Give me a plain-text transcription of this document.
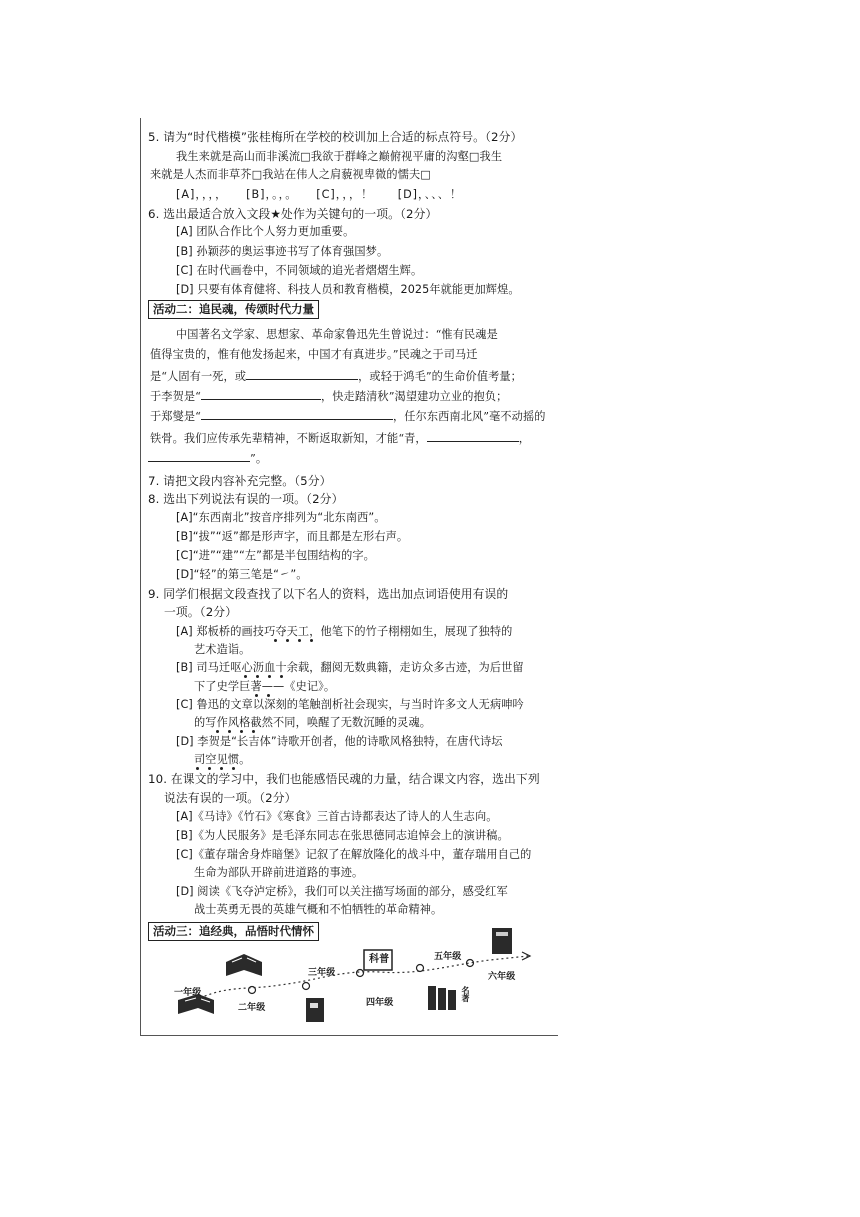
5. 请为“时代楷模”张桂梅所在学校的校训加上合适的标点符号。（2分）
我生来就是高山而非溪流□我欲于群峰之巅俯视平庸的沟壑□我生
来就是人杰而非草芥□我站在伟人之肩藐视卑微的懦夫□
[A]，，，，　　[B]，。，。　　[C]，，，！　　[D]，、、、！
6. 选出最适合放入文段★处作为关键句的一项。（2分）
[A] 团队合作比个人努力更加重要。
[B] 孙颖莎的奥运事迹书写了体育强国梦。
[C] 在时代画卷中，不同领域的追光者熠熠生辉。
[D] 只要有体育健将、科技人员和教育楷模，2025年就能更加辉煌。
活动二：追民魂，传颂时代力量
中国著名文学家、思想家、革命家鲁迅先生曾说过：“惟有民魂是
值得宝贵的，惟有他发扬起来，中国才有真进步。”民魂之于司马迁
是“人固有一死，或	，或轻于鸿毛”的生命价值考量；
于李贺是“	，快走踏清秋”渴望建功立业的抱负；
于郑燮是“	，任尔东西南北风”毫不动摇的
铁骨。我们应传承先辈精神，不断返取新知，才能“青，	，
”。
7. 请把文段内容补充完整。（5分）
8. 选出下列说法有误的一项。（2分）
[A]“东西南北”按音序排列为“北东南西”。
[B]“拔”“返”都是形声字，而且都是左形右声。
[C]“进”“建”“左”都是半包围结构的字。
[D]“轻”的第三笔是“㇀”。
9. 同学们根据文段查找了以下名人的资料，选出加点词语使用有误的
一项。（2分）
[A] 郑板桥的画技巧夺天工，他笔下的竹子栩栩如生，展现了独特的
艺术造诣。
[B] 司马迁呕心沥血十余载，翻阅无数典籍，走访众多古迹，为后世留
下了史学巨著——《史记》。
[C] 鲁迅的文章以深刻的笔触剖析社会现实，与当时许多文人无病呻吟
的写作风格截然不同，唤醒了无数沉睡的灵魂。
[D] 李贺是“长吉体”诗歌开创者，他的诗歌风格独特，在唐代诗坛
司空见惯。
10. 在课文的学习中，我们也能感悟民魂的力量，结合课文内容，选出下列
说法有误的一项。（2分）
[A]《马诗》《竹石》《寒食》三首古诗都表达了诗人的人生志向。
[B]《为人民服务》是毛泽东同志在张思德同志追悼会上的演讲稿。
[C]《董存瑞舍身炸暗堡》记叙了在解放隆化的战斗中，董存瑞用自己的
生命为部队开辟前进道路的事迹。
[D] 阅读《飞夺泸定桥》，我们可以关注描写场面的部分，感受红军
战士英勇无畏的英雄气概和不怕牺牲的革命精神。
活动三：追经典，品悟时代情怀
一年级
二年级
三年级
四年级
五年级
六年级
科普
名著
